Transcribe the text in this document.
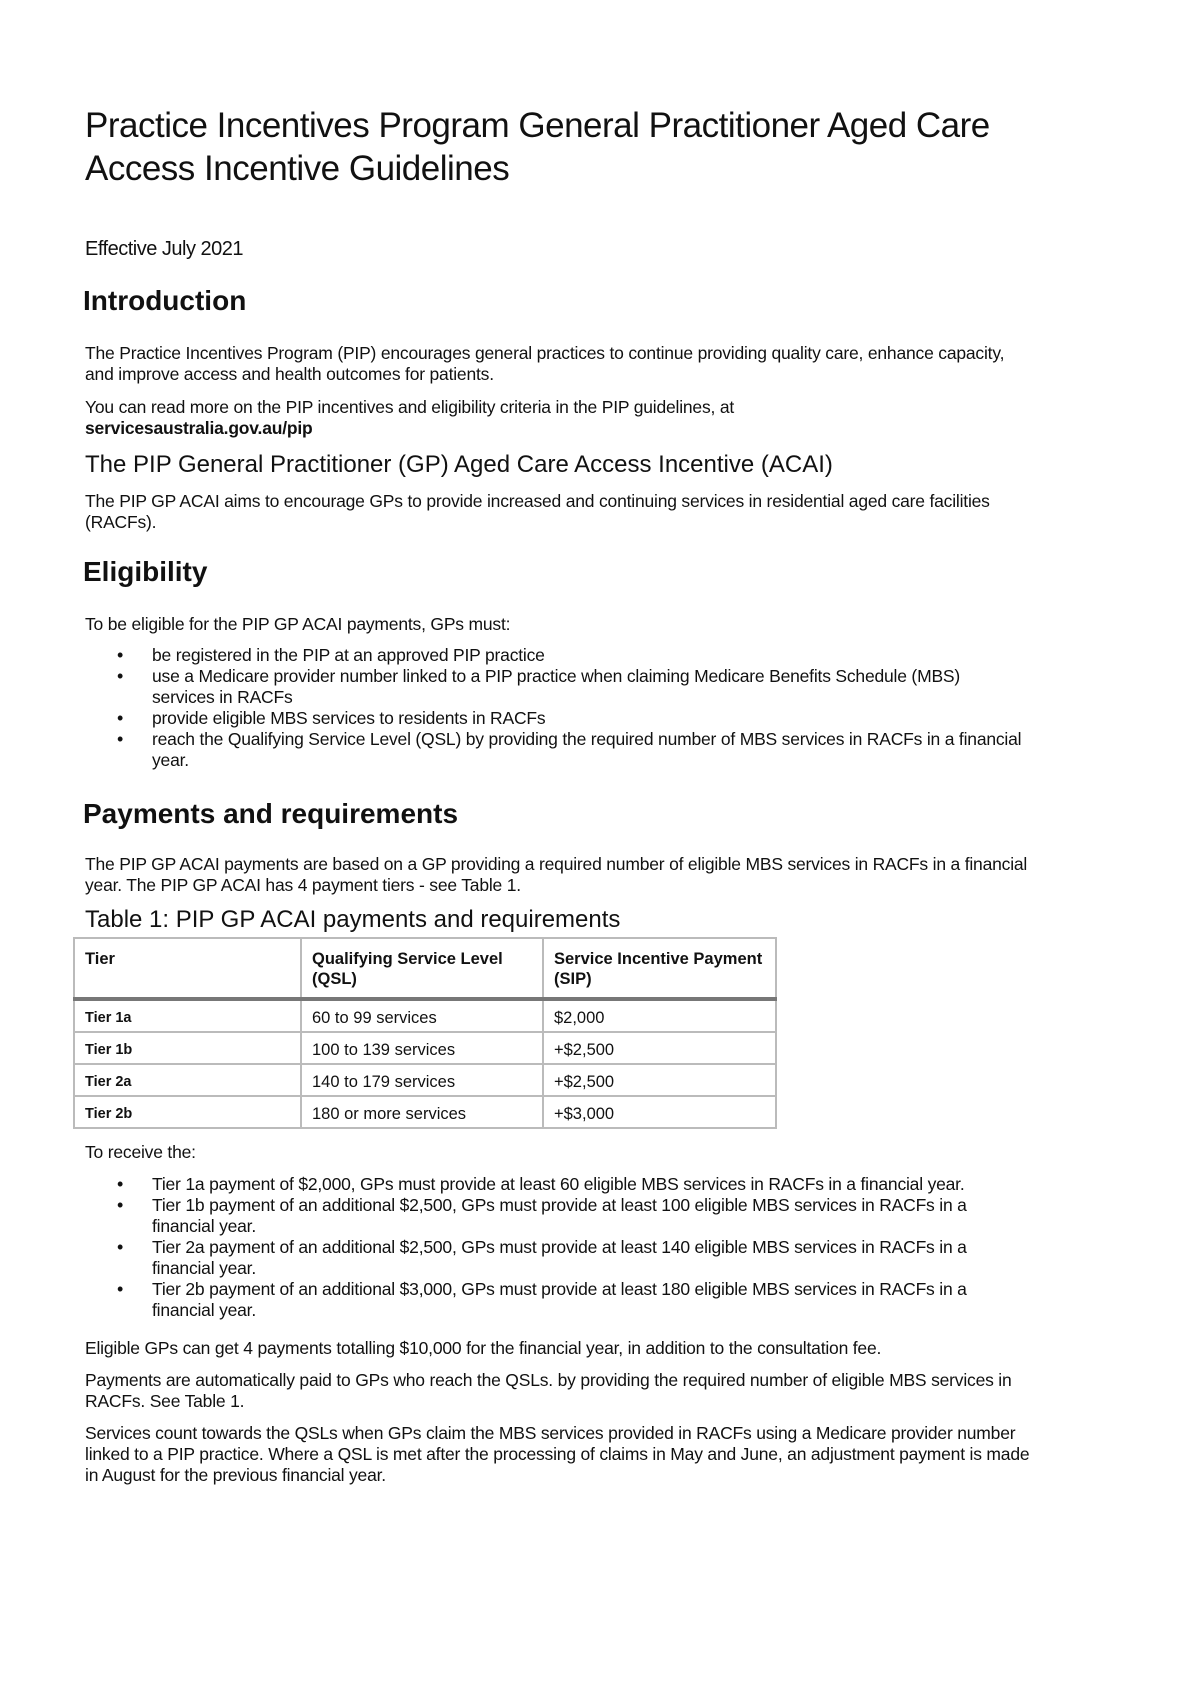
Practice Incentives Program General Practitioner Aged Care Access Incentive Guidelines
Effective July 2021
Introduction
The Practice Incentives Program (PIP) encourages general practices to continue providing quality care, enhance capacity, and improve access and health outcomes for patients.
You can read more on the PIP incentives and eligibility criteria in the PIP guidelines, at
servicesaustralia.gov.au/pip
The PIP General Practitioner (GP) Aged Care Access Incentive (ACAI)
The PIP GP ACAI aims to encourage GPs to provide increased and continuing services in residential aged care facilities (RACFs).
Eligibility
To be eligible for the PIP GP ACAI payments, GPs must:
• be registered in the PIP at an approved PIP practice
• use a Medicare provider number linked to a PIP practice when claiming Medicare Benefits Schedule (MBS) services in RACFs
• provide eligible MBS services to residents in RACFs
• reach the Qualifying Service Level (QSL) by providing the required number of MBS services in RACFs in a financial year.
Payments and requirements
The PIP GP ACAI payments are based on a GP providing a required number of eligible MBS services in RACFs in a financial year. The PIP GP ACAI has 4 payment tiers - see Table 1.
Table 1: PIP GP ACAI payments and requirements
Tier	Qualifying Service Level (QSL)	Service Incentive Payment (SIP)
Tier 1a	60 to 99 services	$2,000
Tier 1b	100 to 139 services	+$2,500
Tier 2a	140 to 179 services	+$2,500
Tier 2b	180 or more services	+$3,000
To receive the:
• Tier 1a payment of $2,000, GPs must provide at least 60 eligible MBS services in RACFs in a financial year.
• Tier 1b payment of an additional $2,500, GPs must provide at least 100 eligible MBS services in RACFs in a financial year.
• Tier 2a payment of an additional $2,500, GPs must provide at least 140 eligible MBS services in RACFs in a financial year.
• Tier 2b payment of an additional $3,000, GPs must provide at least 180 eligible MBS services in RACFs in a financial year.
Eligible GPs can get 4 payments totalling $10,000 for the financial year, in addition to the consultation fee.
Payments are automatically paid to GPs who reach the QSLs. by providing the required number of eligible MBS services in RACFs. See Table 1.
Services count towards the QSLs when GPs claim the MBS services provided in RACFs using a Medicare provider number linked to a PIP practice. Where a QSL is met after the processing of claims in May and June, an adjustment payment is made in August for the previous financial year.
